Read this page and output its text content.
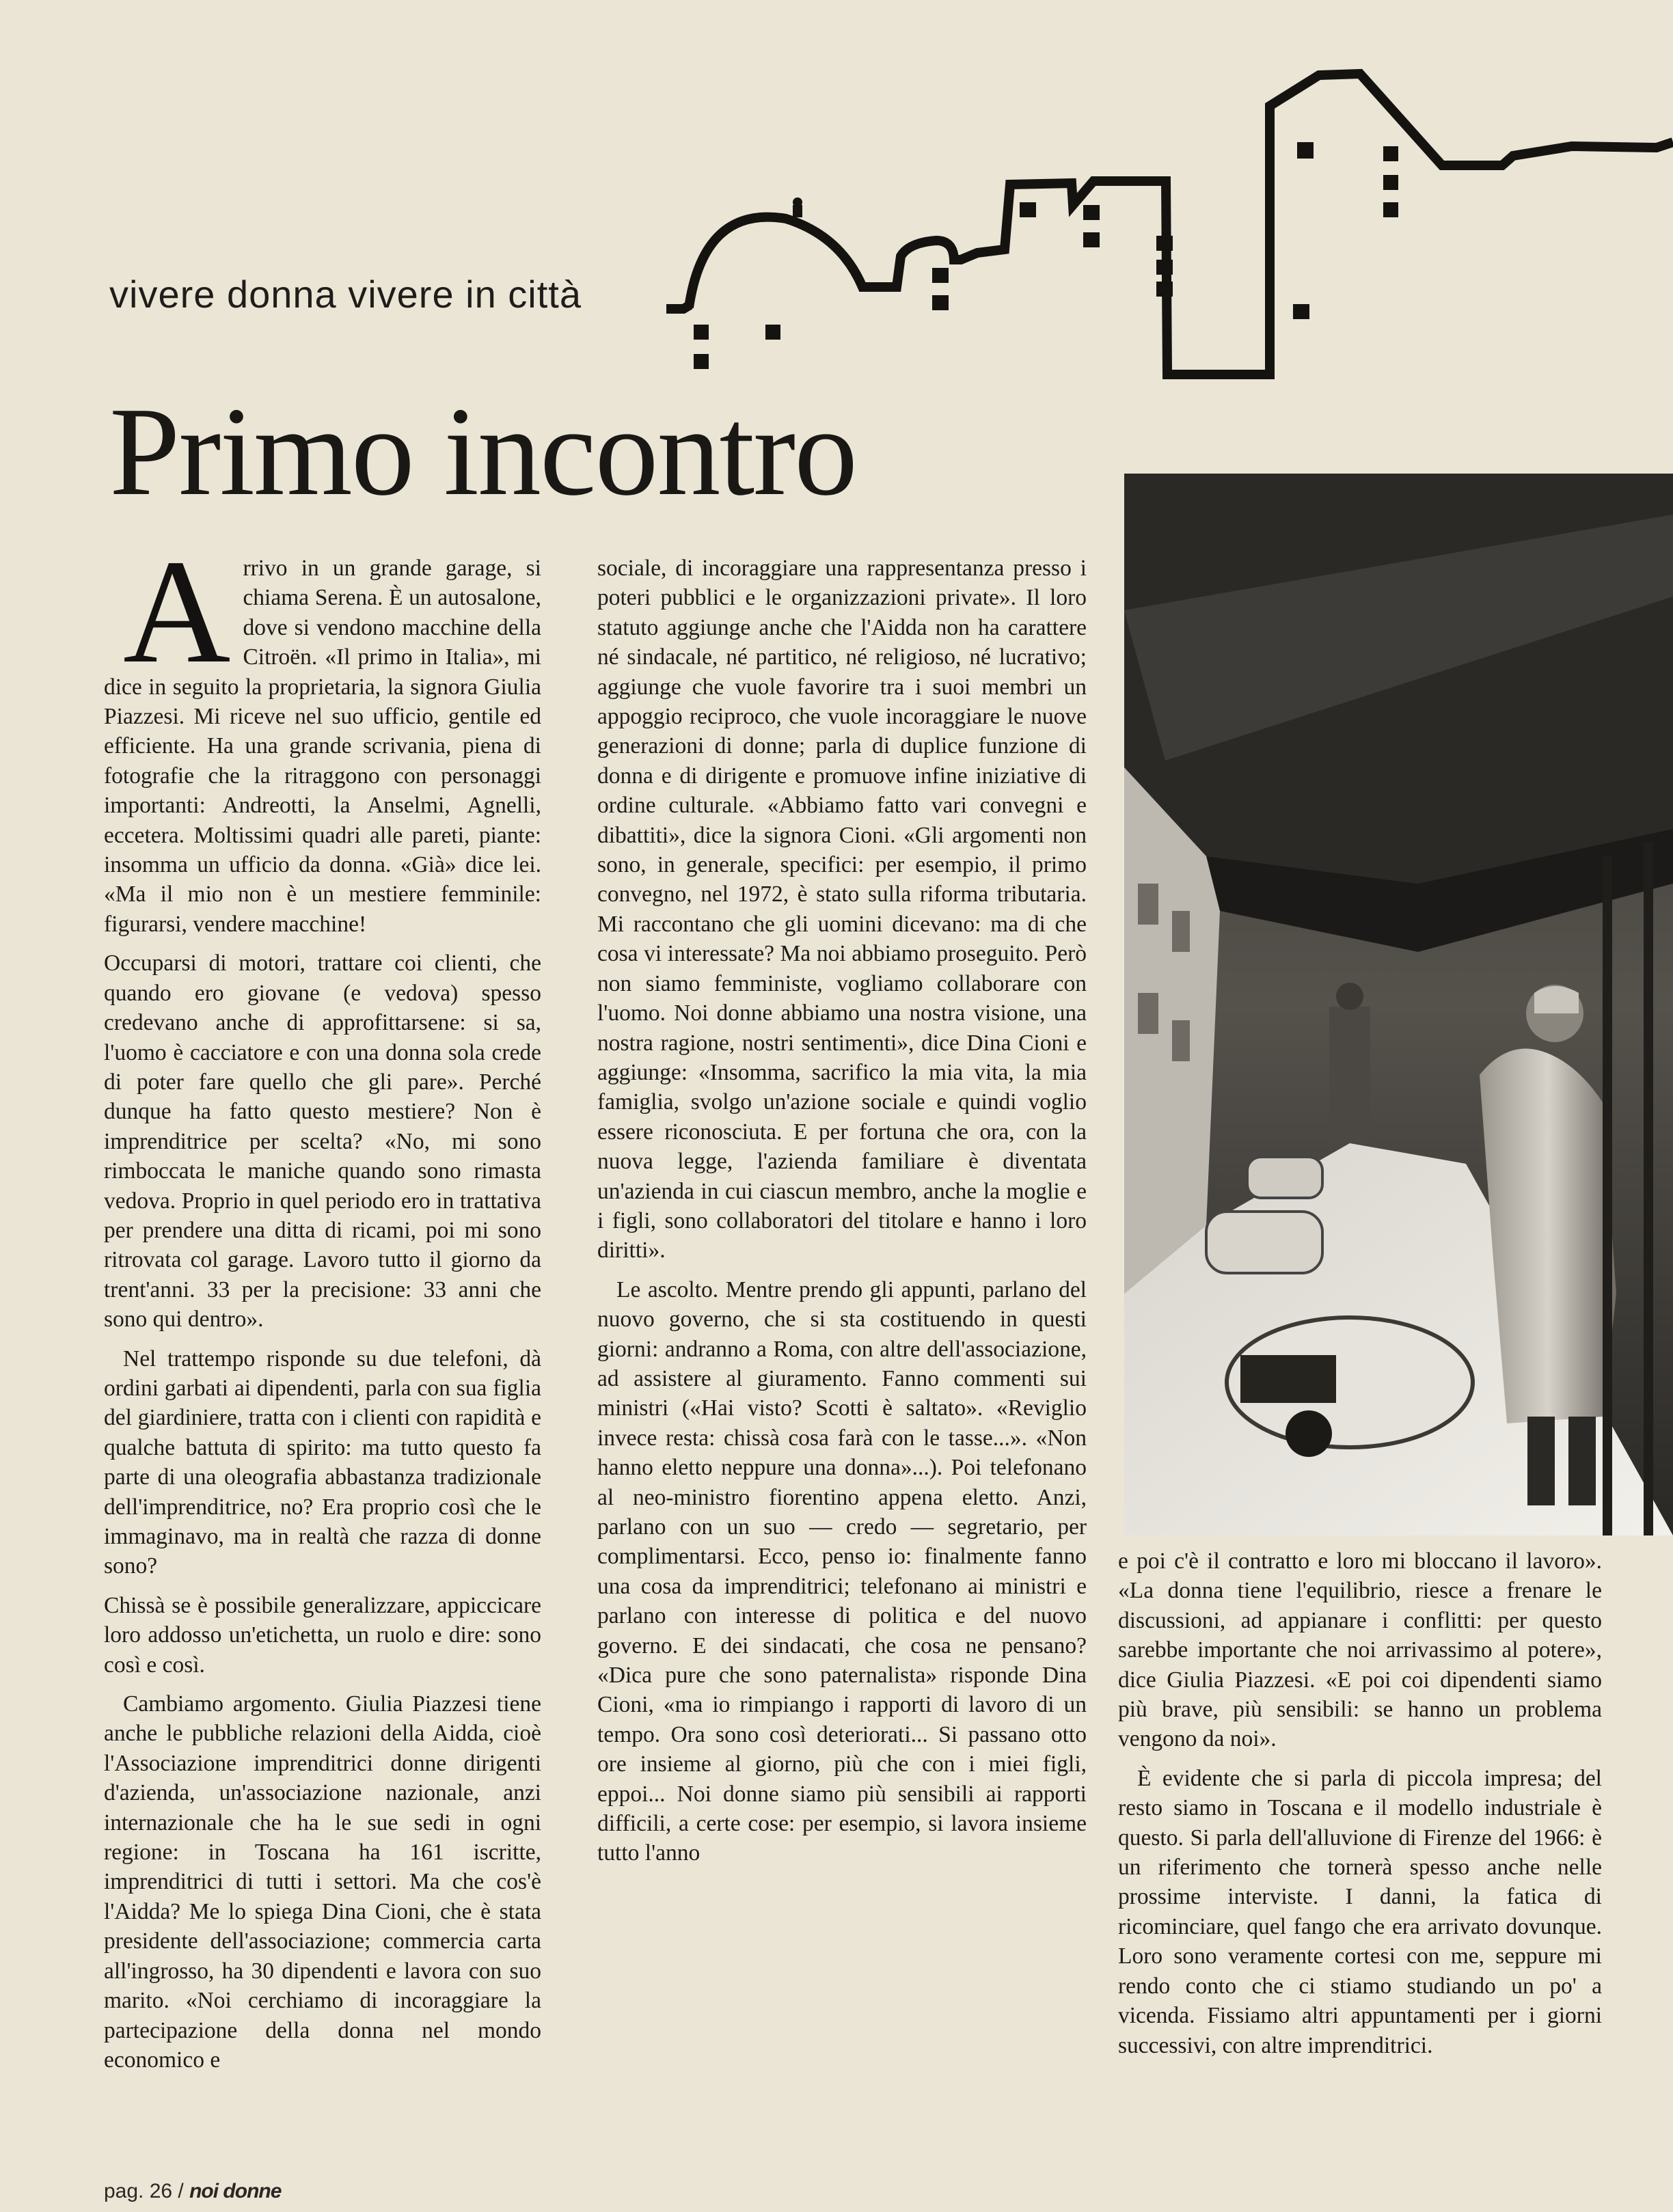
vivere donna vivere in città
Primo incontro

Arrivo in un grande garage, si chiama Serena. È un autosalone, dove si vendono macchine della Citroën. «Il primo in Italia», mi dice in seguito la proprietaria, la signora Giulia Piazzesi. Mi riceve nel suo ufficio, gentile ed efficiente. Ha una grande scrivania, piena di fotografie che la ritraggono con personaggi importanti: Andreotti, la Anselmi, Agnelli, eccetera. Moltissimi quadri alle pareti, piante: insomma un ufficio da donna. «Già» dice lei. «Ma il mio non è un mestiere femminile: figurarsi, vendere macchine!

Occuparsi di motori, trattare coi clienti, che quando ero giovane (e vedova) spesso credevano anche di approfittarsene: si sa, l'uomo è cacciatore e con una donna sola crede di poter fare quello che gli pare». Perché dunque ha fatto questo mestiere? Non è imprenditrice per scelta? «No, mi sono rimboccata le maniche quando sono rimasta vedova. Proprio in quel periodo ero in trattativa per prendere una ditta di ricami, poi mi sono ritrovata col garage. Lavoro tutto il giorno da trent'anni. 33 per la precisione: 33 anni che sono qui dentro».

Nel trattempo risponde su due telefoni, dà ordini garbati ai dipendenti, parla con sua figlia del giardiniere, tratta con i clienti con rapidità e qualche battuta di spirito: ma tutto questo fa parte di una oleografia abbastanza tradizionale dell'imprenditrice, no? Era proprio così che le immaginavo, ma in realtà che razza di donne sono?

Chissà se è possibile generalizzare, appiccicare loro addosso un'etichetta, un ruolo e dire: sono così e così.

Cambiamo argomento. Giulia Piazzesi tiene anche le pubbliche relazioni della Aidda, cioè l'Associazione imprenditrici donne dirigenti d'azienda, un'associazione nazionale, anzi internazionale che ha le sue sedi in ogni regione: in Toscana ha 161 iscritte, imprenditrici di tutti i settori. Ma che cos'è l'Aidda? Me lo spiega Dina Cioni, che è stata presidente dell'associazione; commercia carta all'ingrosso, ha 30 dipendenti e lavora con suo marito. «Noi cerchiamo di incoraggiare la partecipazione della donna nel mondo economico e

sociale, di incoraggiare una rappresentanza presso i poteri pubblici e le organizzazioni private». Il loro statuto aggiunge anche che l'Aidda non ha carattere né sindacale, né partitico, né religioso, né lucrativo; aggiunge che vuole favorire tra i suoi membri un appoggio reciproco, che vuole incoraggiare le nuove generazioni di donne; parla di duplice funzione di donna e di dirigente e promuove infine iniziative di ordine culturale. «Abbiamo fatto vari convegni e dibattiti», dice la signora Cioni. «Gli argomenti non sono, in generale, specifici: per esempio, il primo convegno, nel 1972, è stato sulla riforma tributaria. Mi raccontano che gli uomini dicevano: ma di che cosa vi interessate? Ma noi abbiamo proseguito. Però non siamo femministe, vogliamo collaborare con l'uomo. Noi donne abbiamo una nostra visione, una nostra ragione, nostri sentimenti», dice Dina Cioni e aggiunge: «Insomma, sacrifico la mia vita, la mia famiglia, svolgo un'azione sociale e quindi voglio essere riconosciuta. E per fortuna che ora, con la nuova legge, l'azienda familiare è diventata un'azienda in cui ciascun membro, anche la moglie e i figli, sono collaboratori del titolare e hanno i loro diritti».

Le ascolto. Mentre prendo gli appunti, parlano del nuovo governo, che si sta costituendo in questi giorni: andranno a Roma, con altre dell'associazione, ad assistere al giuramento. Fanno commenti sui ministri («Hai visto? Scotti è saltato». «Reviglio invece resta: chissà cosa farà con le tasse...». «Non hanno eletto neppure una donna»...). Poi telefonano al neo-ministro fiorentino appena eletto. Anzi, parlano con un suo — credo — segretario, per complimentarsi. Ecco, penso io: finalmente fanno una cosa da imprenditrici; telefonano ai ministri e parlano con interesse di politica e del nuovo governo. E dei sindacati, che cosa ne pensano? «Dica pure che sono paternalista» risponde Dina Cioni, «ma io rimpiango i rapporti di lavoro di un tempo. Ora sono così deteriorati... Si passano otto ore insieme al giorno, più che con i miei figli, eppoi... Noi donne siamo più sensibili ai rapporti difficili, a certe cose: per esempio, si lavora insieme tutto l'anno

e poi c'è il contratto e loro mi bloccano il lavoro». «La donna tiene l'equilibrio, riesce a frenare le discussioni, ad appianare i conflitti: per questo sarebbe importante che noi arrivassimo al potere», dice Giulia Piazzesi. «E poi coi dipendenti siamo più brave, più sensibili: se hanno un problema vengono da noi».

È evidente che si parla di piccola impresa; del resto siamo in Toscana e il modello industriale è questo. Si parla dell'alluvione di Firenze del 1966: è un riferimento che tornerà spesso anche nelle prossime interviste. I danni, la fatica di ricominciare, quel fango che era arrivato dovunque. Loro sono veramente cortesi con me, seppure mi rendo conto che ci stiamo studiando un po' a vicenda. Fissiamo altri appuntamenti per i giorni successivi, con altre imprenditrici.

pag. 26 / noi donne
